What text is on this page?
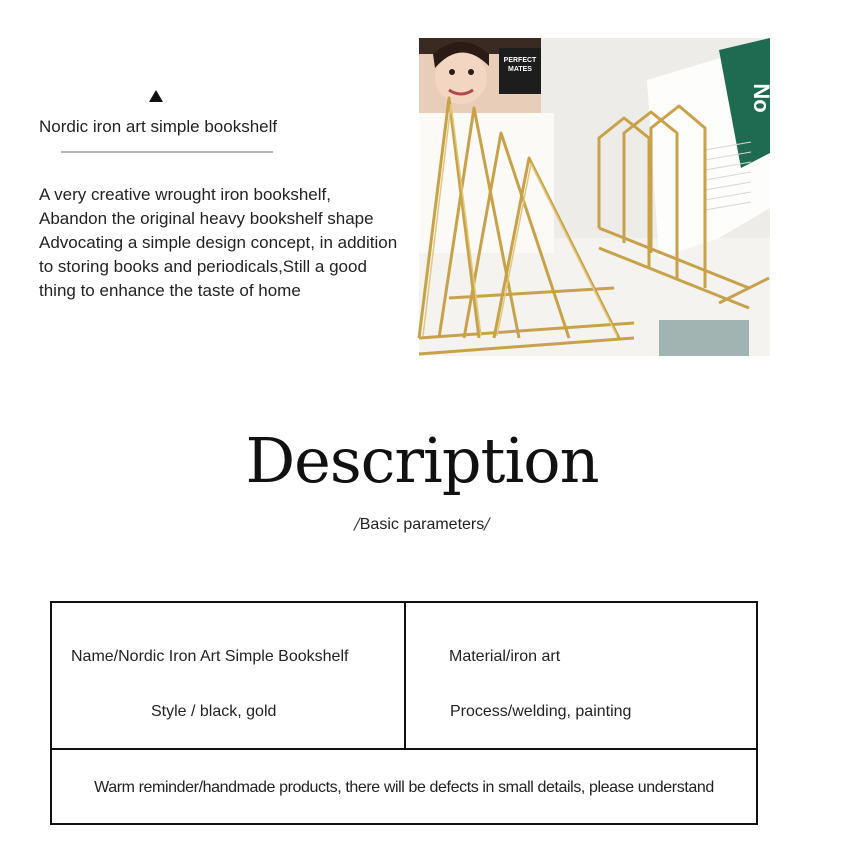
Nordic iron art simple bookshelf
A very creative wrought iron bookshelf,
Abandon the original heavy bookshelf shape
Advocating a simple design concept, in addition
to storing books and periodicals,Still a good
thing to enhance the taste of home
PERFECT
MATES
No
Description
/Basic parameters/
Name/Nordic Iron Art Simple Bookshelf	Material/iron art
Style / black, gold	Process/welding, painting
Warm reminder/handmade products, there will be defects in small details, please understand
